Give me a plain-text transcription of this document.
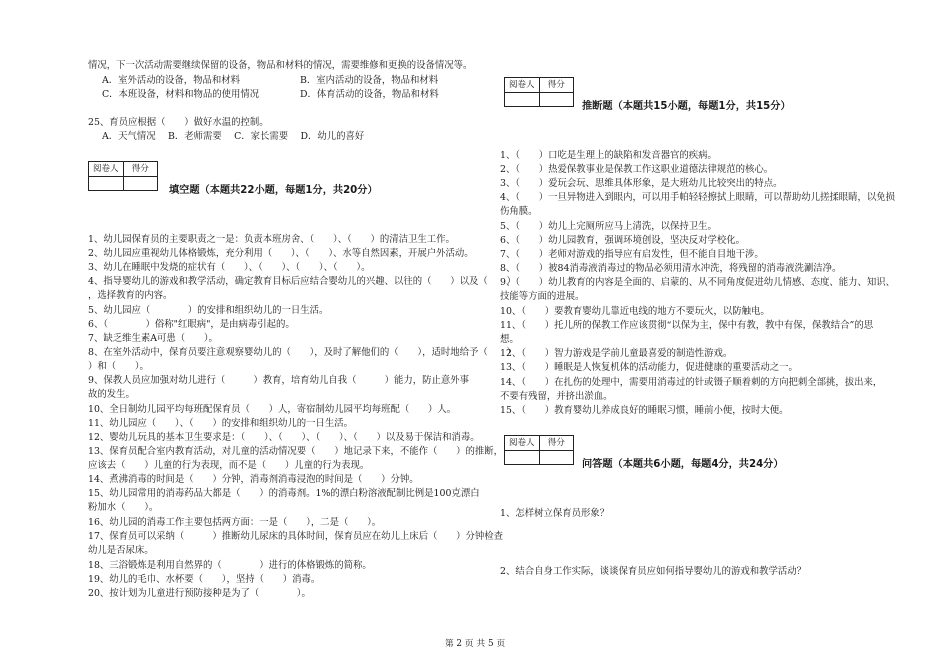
情况，下一次活动需要继续保留的设备，物品和材料的情况，需要维修和更换的设备情况等。
A．室外活动的设备，物品和材料	B．室内活动的设备，物品和材料
C．本班设备，材料和物品的使用情况	D．体育活动的设备，物品和材料
25、育员应根据（　　）做好水温的控制。
A．天气情况　 B．老师需要　 C．家长需要　 D．幼儿的喜好
阅卷人	得分
填空题（本题共22小题，每题1分，共20分）
1、幼儿园保育员的主要职责之一是：负责本班房舍、（　　）、（　　）的清洁卫生工作。
2、幼儿园应重视幼儿体格锻炼，充分利用（　　）、（　　）、水等自然因素，开展户外活动。
3、幼儿在睡眠中发烧的症状有（　　）、（　　）、（　　）、（　　）。
4、指导婴幼儿的游戏和教学活动，确定教育目标后应结合婴幼儿的兴趣、以往的（　　）以及（　　）
，选择教育的内容。
5、幼儿园应（　　　　）的安排和组织幼儿的一日生活。
6、（　　　　）俗称"红眼病"，是由病毒引起的。
7、缺乏维生素A可患（　　）。
8、在室外活动中，保育员要注意观察婴幼儿的（　　），及时了解他们的（　　），适时地给予（　　）
）和（　　）。
9、保教人员应加强对幼儿进行（　　　）教育，培育幼儿自我（　　　）能力，防止意外事
故的发生。
10、全日制幼儿园平均每班配保育员（　　）人，寄宿制幼儿园平均每班配（　　）人。
11、幼儿园应（　　）、（　　）的安排和组织幼儿的一日生活。
12、婴幼儿玩具的基本卫生要求是：（　　）、（　　）、（　　）、（　　）以及易于保洁和消毒。
13、保育员配合室内教育活动，对儿童的活动情况要（　　）地记录下来，不能作（　　）的推断，
应该去（　　）儿童的行为表现，而不是（　　）儿童的行为表现。
14、煮沸消毒的时间是（　　）分钟，消毒剂消毒浸泡的时间是（　　）分钟。
15、幼儿园常用的消毒药品大都是（　　）的消毒剂。1%的漂白粉溶液配制比例是100克漂白
粉加水（　　）。
16、幼儿园的消毒工作主要包括两方面：一是（　　），二是（　　）。
17、保育员可以采纳（　　　）推断幼儿尿床的具体时间，保育员应在幼儿上床后（　　）分钟检查
幼儿是否尿床。
18、三浴锻炼是利用自然界的（　　　　）进行的体格锻炼的简称。
19、幼儿的毛巾、水杯要（　　），坚持（　　）消毒。
20、按计划为儿童进行预防接种是为了（　　　　）。
阅卷人	得分
推断题（本题共15小题，每题1分，共15分）
1、（　　）口吃是生理上的缺陷和发音器官的疾病。
2、（　　）热爱保教事业是保教工作这职业道德法律规范的核心。
3、（　　）爱玩会玩、思维具体形象，是大班幼儿比较突出的特点。
4、（　　）一旦异物进入到眼内，可以用手帕轻轻擦拭上眼睛，可以帮助幼儿搓揉眼睛，以免损
伤角膜。
5、（　　）幼儿上完厕所应马上清洗，以保持卫生。
6、（　　）幼儿园教育，强调环境创设，坚决反对学校化。
7、（　　）老师对游戏的指导应有启发性，但不能自目地干涉。
8、（　　）被84消毒液消毒过的物品必须用清水冲洗，将残留的消毒液洗涮洁净。
9、（　　）幼儿教育的内容是全面的、启蒙的、从不同角度促进幼儿情感、态度、能力、知识、
技能等方面的进展。
10、（　　）要教育婴幼儿靠近电线的地方不要玩火，以防触电。
11、（　　）托儿所的保教工作应该贯彻“以保为主，保中有教，教中有保，保教结合”的思
想。
12、（　　）智力游戏是学前儿童最喜爱的制造性游戏。
13、（　　）睡眠是人恢复机体的活动能力，促进健康的重要活动之一。
14、（　　）在扎伤的处理中，需要用消毒过的针或镊子顺着刺的方向把刺全部挑，拔出来，
不要有残留，并挤出淤血。
15、（　　）教育婴幼儿养成良好的睡眠习惯，睡前小便，按时大便。
阅卷人	得分
问答题（本题共6小题，每题4分，共24分）
1、怎样树立保育员形象？
2、结合自身工作实际，谈谈保育员应如何指导婴幼儿的游戏和教学活动？
第 2 页 共 5 页
